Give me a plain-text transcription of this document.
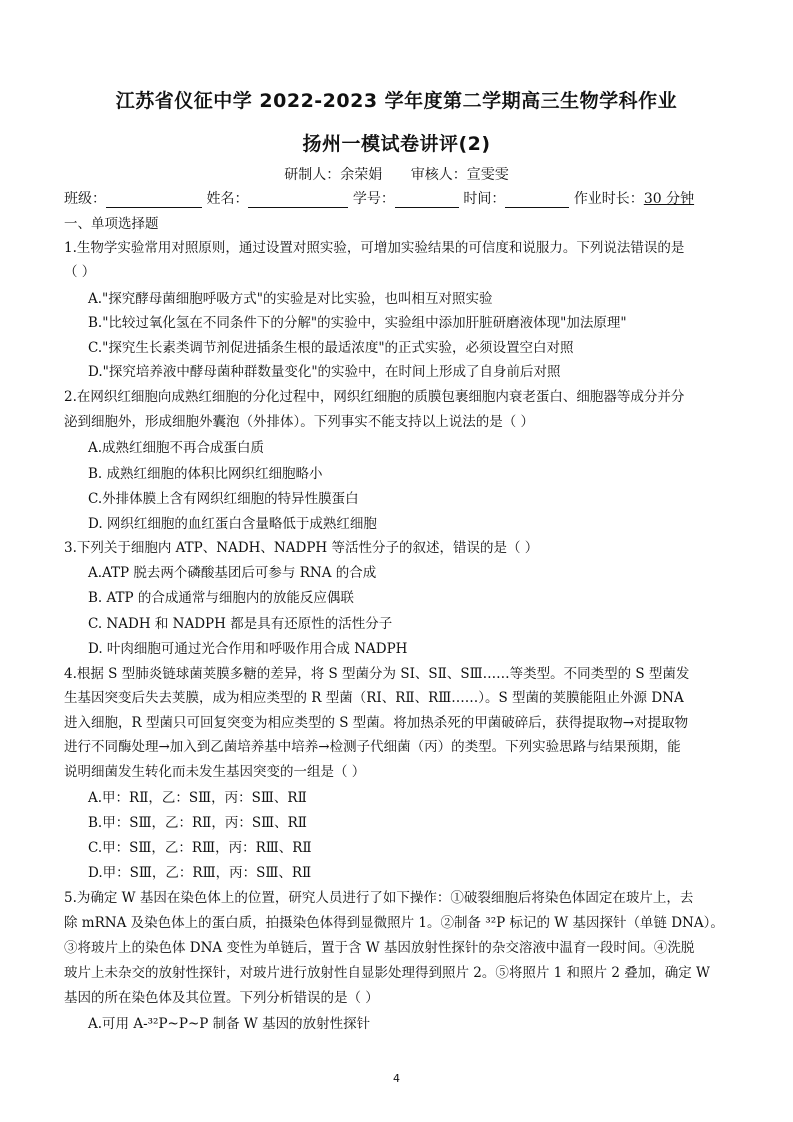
江苏省仪征中学 2022-2023 学年度第二学期高三生物学科作业
扬州一模试卷讲评(2)
研制人：余荣娟 审核人：宣雯雯
班级：	姓名：	学号：	时间：	作业时长：30 分钟
一、单项选择题
1.生物学实验常用对照原则，通过设置对照实验，可增加实验结果的可信度和说服力。下列说法错误的是
（ ）
A."探究酵母菌细胞呼吸方式"的实验是对比实验，也叫相互对照实验
B."比较过氧化氢在不同条件下的分解"的实验中，实验组中添加肝脏研磨液体现"加法原理"
C."探究生长素类调节剂促进插条生根的最适浓度"的正式实验，必须设置空白对照
D."探究培养液中酵母菌种群数量变化"的实验中，在时间上形成了自身前后对照
2.在网织红细胞向成熟红细胞的分化过程中，网织红细胞的质膜包裹细胞内衰老蛋白、细胞器等成分并分
泌到细胞外，形成细胞外囊泡（外排体）。下列事实不能支持以上说法的是（ ）
A.成熟红细胞不再合成蛋白质
B. 成熟红细胞的体积比网织红细胞略小
C.外排体膜上含有网织红细胞的特异性膜蛋白
D. 网织红细胞的血红蛋白含量略低于成熟红细胞
3.下列关于细胞内 ATP、NADH、NADPH 等活性分子的叙述，错误的是（ ）
A.ATP 脱去两个磷酸基团后可参与 RNA 的合成
B. ATP 的合成通常与细胞内的放能反应偶联
C. NADH 和 NADPH 都是具有还原性的活性分子
D. 叶肉细胞可通过光合作用和呼吸作用合成 NADPH
4.根据 S 型肺炎链球菌荚膜多糖的差异，将 S 型菌分为 SⅠ、SⅡ、SⅢ……等类型。不同类型的 S 型菌发
生基因突变后失去荚膜，成为相应类型的 R 型菌（RⅠ、RⅡ、RⅢ……）。S 型菌的荚膜能阻止外源 DNA
进入细胞，R 型菌只可回复突变为相应类型的 S 型菌。将加热杀死的甲菌破碎后，获得提取物→对提取物
进行不同酶处理→加入到乙菌培养基中培养→检测子代细菌（丙）的类型。下列实验思路与结果预期，能
说明细菌发生转化而未发生基因突变的一组是（ ）
A.甲：RⅡ，乙：SⅢ，丙：SⅢ、RⅡ
B.甲：SⅢ，乙：RⅡ，丙：SⅢ、RⅡ
C.甲：SⅢ，乙：RⅢ，丙：RⅢ、RⅡ
D.甲：SⅢ，乙：RⅢ，丙：SⅢ、RⅡ
5.为确定 W 基因在染色体上的位置，研究人员进行了如下操作：①破裂细胞后将染色体固定在玻片上，去
除 mRNA 及染色体上的蛋白质，拍摄染色体得到显微照片 1。②制备 ³²P 标记的 W 基因探针（单链 DNA）。
③将玻片上的染色体 DNA 变性为单链后，置于含 W 基因放射性探针的杂交溶液中温育一段时间。④洗脱
玻片上未杂交的放射性探针，对玻片进行放射性自显影处理得到照片 2。⑤将照片 1 和照片 2 叠加，确定 W
基因的所在染色体及其位置。下列分析错误的是（ ）
A.可用 A-³²P~P~P 制备 W 基因的放射性探针
4
